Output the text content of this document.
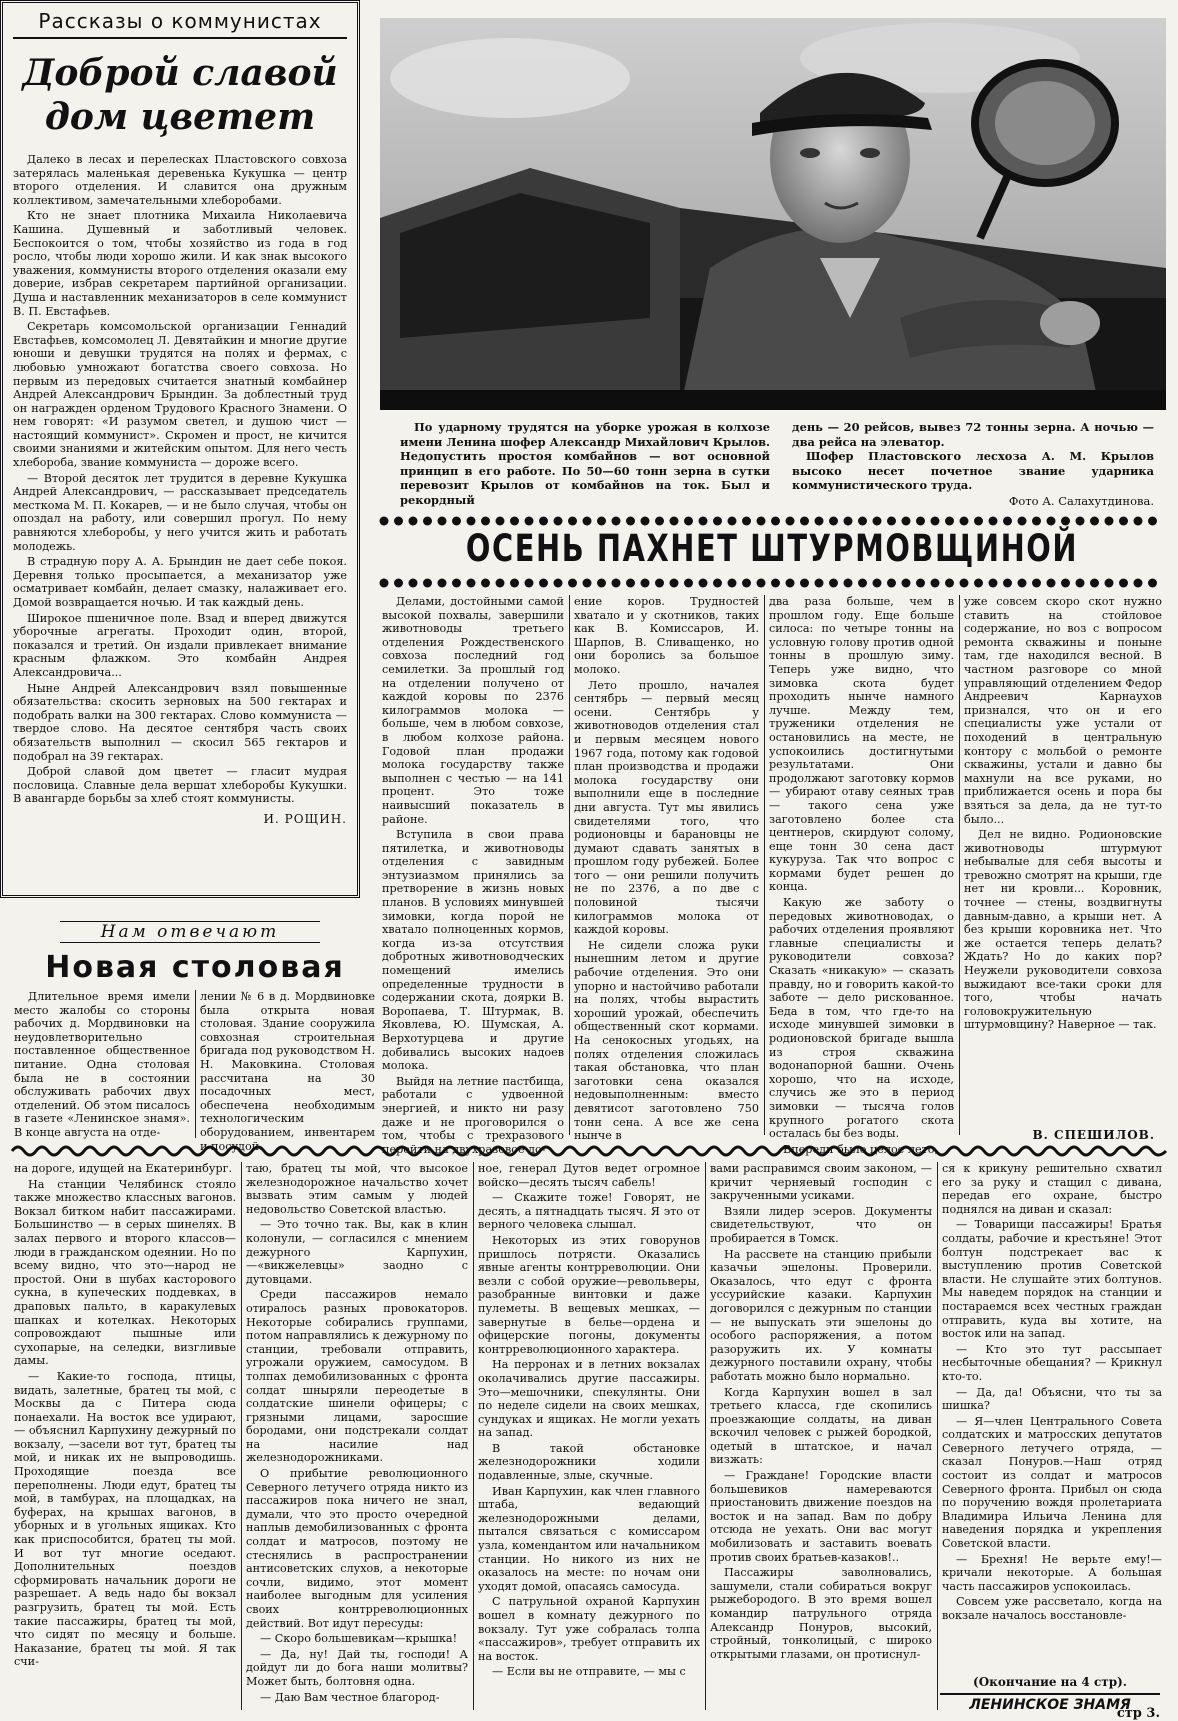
Рассказы о коммунистах
Доброй славой
дом цветет

Далеко в лесах и перелесках Пластовского совхоза затерялась маленькая деревенька Кукушка — центр второго отделения. И славится она дружным коллективом, замечательными хлеборобами.

Кто не знает плотника Михаила Николаевича Кашина. Душевный и заботливый человек. Беспокоится о том, чтобы хозяйство из года в год росло, чтобы люди хорошо жили. И как знак высокого уважения, коммунисты второго отделения оказали ему доверие, избрав секретарем партийной организации. Душа и наставленник механизаторов в селе коммунист В. П. Евстафьев.

Секретарь комсомольской организации Геннадий Евстафьев, комсомолец Л. Девятайкин и многие другие юноши и девушки трудятся на полях и фермах, с любовью умножают богатства своего совхоза. Но первым из передовых считается знатный комбайнер Андрей Александрович Брындин. За доблестный труд он награжден орденом Трудового Красного Знамени. О нем говорят: «И разумом светел, и душою чист — настоящий коммунист». Скромен и прост, не кичится своими знаниями и житейским опытом. Для него честь хлебороба, звание коммуниста — дороже всего.

— Второй десяток лет трудится в деревне Кукушка Андрей Александрович, — рассказывает председатель месткома М. П. Кокарев, — и не было случая, чтобы он опоздал на работу, или совершил прогул. По нему равняются хлеборобы, у него учится жить и работать молодежь.

В страдную пору А. А. Брындин не дает себе покоя. Деревня только просыпается, а механизатор уже осматривает комбайн, делает смазку, налаживает его. Домой возвращается ночью. И так каждый день.

Широкое пшеничное поле. Взад и вперед движутся уборочные агрегаты. Проходит один, второй, показался и третий. Он издали привлекает внимание красным флажком. Это комбайн Андрея Александровича...

Ныне Андрей Александрович взял повышенные обязательства: скосить зерновых на 500 гектарах и подобрать валки на 300 гектарах. Слово коммуниста — твердое слово. На десятое сентября часть своих обязательств выполнил — скосил 565 гектаров и подобрал на 39 гектарах.

Доброй славой дом цветет — гласит мудрая пословица. Славные дела вершат хлеборобы Кукушки. В авангарде борьбы за хлеб стоят коммунисты.

И. РОЩИН.

По ударному трудятся на уборке урожая в колхозе имени Ленина шофер Александр Михайлович Крылов. Недопустить простоя комбайнов — вот основной принцип в его работе. По 50—60 тонн зерна в сутки перевозит Крылов от комбайнов на ток. Был и рекордный

день — 20 рейсов, вывез 72 тонны зерна. А ночью — два рейса на элеватор.

Шофер Пластовского лесхоза А. М. Крылов высоко несет почетное звание ударника коммунистического труда.

Фото А. Салахутдинова.
ОСЕНЬ ПАХНЕТ ШТУРМОВЩИНОЙ

Делами, достойными самой высокой похвалы, завершили животноводы третьего отделения Рождественского совхоза последний год семилетки. За прошлый год на отделении получено от каждой коровы по 2376 килограммов молока — больше, чем в любом совхозе, в любом колхозе района. Годовой план продажи молока государству также выполнен с честью — на 141 процент. Это тоже наивысший показатель в районе.

Вступила в свои права пятилетка, и животноводы отделения с завидным энтузиазмом принялись за претворение в жизнь новых планов. В условиях минувшей зимовки, когда порой не хватало полноценных кормов, когда из-за отсутствия добротных животноводческих помещений имелись определенные трудности в содержании скота, доярки В. Воропаева, Т. Штурмак, В. Яковлева, Ю. Шумская, А. Верхотурцева и другие добивались высоких надоев молока.

Выйдя на летние пастбища, работали с удвоенной энергией, и никто ни разу даже и не проговорился о том, чтобы с трехразового перейти на двухразовое до-

ение коров. Трудностей хватало и у скотников, таких как В. Комиссаров, И. Шарпов, В. Сливащенко, но они боролись за большое молоко.

Лето прошло, началея сентябрь — первый месяц осени. Сентябрь у животноводов отделения стал и первым месяцем нового 1967 года, потому как годовой план производства и продажи молока государству они выполнили еще в последние дни августа. Тут мы явились свидетелями того, что родионовцы и барановцы не думают сдавать занятых в прошлом году рубежей. Более того — они решили получить не по 2376, а по две с половиной тысячи килограммов молока от каждой коровы.

Не сидели сложа руки нынешним летом и другие рабочие отделения. Это они упорно и настойчиво работали на полях, чтобы вырастить хороший урожай, обеспечить общественный скот кормами. На сенокосных угодьях, на полях отделения сложилась такая обстановка, что план заготовки сена оказался недовыполненным: вместо девятисот заготовлено 750 тонн сена. А все же сена нынче в

два раза больше, чем в прошлом году. Еще больше силоса: по четыре тонны на условную голову против одной тонны в прошлую зиму. Теперь уже видно, что зимовка скота будет проходить нынче намного лучше. Между тем, труженики отделения не остановились на месте, не успокоились достигнутыми результатами. Они продолжают заготовку кормов — убирают отаву сеяных трав — такого сена уже заготовлено более ста центнеров, скирдуют солому, еще тонн 30 сена даст кукуруза. Так что вопрос с кормами будет решен до конца.

Какую же заботу о передовых животноводах, о рабочих отделения проявляют главные специалисты и руководители совхоза? Сказать «никакую» — сказать правду, но и говорить какой-то заботе — дело рискованное. Беда в том, что где-то на исходе минувшей зимовки в родионовской бригаде вышла из строя скважина водонапорной башни. Очень хорошо, что на исходе, случись же это в период зимовки — тысяча голов крупного рогатого скота осталась бы без воды.

Впереди было целое лето,

уже совсем скоро скот нужно ставить на стойловое содержание, но воз с вопросом ремонта скважины и поныне там, где находился весной. В частном разговоре со мной управляющий отделением Федор Андреевич Карнаухов признался, что он и его специалисты уже устали от походений в центральную контору с мольбой о ремонте скважины, устали и давно бы махнули на все руками, но приближается осень и пора бы взяться за дела, да не тут-то было...

Дел не видно. Родионовские животноводы штурмуют небывалые для себя высоты и тревожно смотрят на крыши, где нет ни кровли... Коровник, точнее — стены, воздвигнуты давным-давно, а крыши нет. А без крыши коровника нет. Что же остается теперь делать? Ждать? Но до каких пор? Неужели руководители совхоза выжидают все-таки сроки для того, чтобы начать головокружительную штурмовщину? Наверное — так.

В. СПЕШИЛОВ.
Нам отвечают
Новая столовая

Длительное время имели место жалобы со стороны рабочих д. Мордвиновки на неудовлетворительно поставленное общественное питание. Одна столовая была не в состоянии обслуживать рабочих двух отделений. Об этом писалось в газете «Ленинское знамя». В конце августа на отде-

лении № 6 в д. Мордвиновке была открыта новая столовая. Здание сооружила совхозная строительная бригада под руководством Н. Н. Маковкина. Столовая рассчитана на 30 посадочных мест, обеспечена необходимым технологическим оборудованием, инвентарем и посудой.

на дороге, идущей на Екатеринбург.

На станции Челябинск стояло также множество классных вагонов. Вокзал битком набит пассажирами. Большинство — в серых шинелях. В залах первого и второго классов—люди в гражданском одеянии. Но по всему видно, что это—народ не простой. Они в шубах касторового сукна, в купеческих поддевках, в драповых пальто, в каракулевых шапках и котелках. Некоторых сопровождают пышные или сухопарые, на селедки, визгливые дамы.

— Какие-то господа, птицы, видать, залетные, братец ты мой, с Москвы да с Питера сюда понаехали. На восток все удирают, — объяснил Карпухину дежурный по вокзалу, —засели вот тут, братец ты мой, и никак их не выпроводишь. Проходящие поезда все переполнены. Люди едут, братец ты мой, в тамбурах, на площадках, на буферах, на крышах вагонов, в уборных и в угольных ящиках. Кто как приспособится, братец ты мой. И вот тут многие оседают. Дополнительных поездов сформировать начальник дороги не разрешает. А ведь надо бы вокзал разгрузить, братец ты мой. Есть такие пассажиры, братец ты мой, что сидят по месяцу и больше. Наказание, братец ты мой. Я так счи-

таю, братец ты мой, что высокое железнодорожное начальство хочет вызвать этим самым у людей недовольство Советской властью.

— Это точно так. Вы, как в клин колонули, — согласился с мнением дежурного Карпухин,—«викжелевцы» заодно с дутовцами.

Среди пассажиров немало отиралось разных провокаторов. Некоторые собирались группами, потом направлялись к дежурному по станции, требовали отправить, угрожали оружием, самосудом. В толпах демобилизованных с фронта солдат шныряли переодетые в солдатские шинели офицеры; с грязными лицами, заросшие бородами, они подстрекали солдат на насилие над железнодорожниками.

О прибытие революционного Северного летучего отряда никто из пассажиров пока ничего не знал, думали, что это просто очередной наплыв демобилизованных с фронта солдат и матросов, поэтому не стеснялись в распространении антисоветских слухов, а некоторые сочли, видимо, этот момент наиболее выгодным для усиления своих контрреволюционных действий. Вот идут пересуды:

— Скоро большевикам—крышка!

— Да, ну! Дай ты, господи! А дойдут ли до бога наши молитвы? Может быть, болтовня одна.

— Даю Вам честное благород-

ное, генерал Дутов ведет огромное войско—десять тысяч сабель!

— Скажите тоже! Говорят, не десять, а пятнадцать тысяч. Я это от верного человека слышал.

Некоторых из этих говорунов пришлось потрясти. Оказались явные агенты контрреволюции. Они везли с собой оружие—револьверы, разобранные винтовки и даже пулеметы. В вещевых мешках, — завернутые в белье—ордена и офицерские погоны, документы контрреволюционного характера.

На перронах и в летних вокзалах околачивались другие пассажиры. Это—мешочники, спекулянты. Они по неделе сидели на своих мешках, сундуках и ящиках. Не могли уехать на запад.

В такой обстановке железнодорожники ходили подавленные, злые, скучные.

Иван Карпухин, как член главного штаба, ведающий железнодорожными делами, пытался связаться с комиссаром узла, комендантом или начальником станции. Но никого из них не оказалось на месте: по ночам они уходят домой, опасаясь самосуда.

С патрульной охраной Карпухин вошел в комнату дежурного по вокзалу. Тут уже собралась толпа «пассажиров», требует отправить их на восток.

— Если вы не отправите, — мы с

вами расправимся своим законом, — кричит черняевый господин с закрученными усиками.

Взяли лидер эсеров. Документы свидетельствуют, что он пробирается в Томск.

На рассвете на станцию прибыли казачьи эшелоны. Проверили. Оказалось, что едут с фронта уссурийские казаки. Карпухин договорился с дежурным по станции — не выпускать эти эшелоны до особого распоряжения, а потом разоружить их. У комнаты дежурного поставили охрану, чтобы работать можно было нормально.

Когда Карпухин вошел в зал третьего класса, где скопились проезжающие солдаты, на диван вскочил человек с рыжей бородкой, одетый в штатское, и начал визжать:

— Граждане! Городские власти большевиков намереваются приостановить движение поездов на восток и на запад. Вам по добру отсюда не уехать. Они вас могут мобилизовать и заставить воевать против своих братьев-казаков!..

Пассажиры заволновались, зашумели, стали собираться вокруг рыжебородого. В это время вошел командир патрульного отряда Александр Понуров, высокий, стройный, тонколицый, с широко открытыми глазами, он протиснул-

ся к крикуну решительно схватил его за руку и стащил с дивана, передав его охране, быстро поднялся на диван и сказал:

— Товарищи пассажиры! Братья солдаты, рабочие и крестьяне! Этот болтун подстрекает вас к выступлению против Советской власти. Не слушайте этих болтунов. Мы наведем порядок на станции и постараемся всех честных граждан отправить, куда вы хотите, на восток или на запад.

— Кто это тут рассыпает несбыточные обещания? — Крикнул кто-то.

— Да, да! Объясни, что ты за шишка?

— Я—член Центрального Совета солдатских и матросских депутатов Северного летучего отряда, —сказал Понуров.—Наш отряд состоит из солдат и матросов Северного фронта. Прибыл он сюда по поручению вождя пролетариата Владимира Ильича Ленина для наведения порядка и укрепления Советской власти.

— Брехня! Не верьте ему!—кричали некоторые. А большая часть пассажиров успокоилась.

Совсем уже рассветало, когда на вокзале началось восстановле-

(Окончание на 4 стр).
ЛЕНИНСКОЕ ЗНАМЯ
стр 3.
